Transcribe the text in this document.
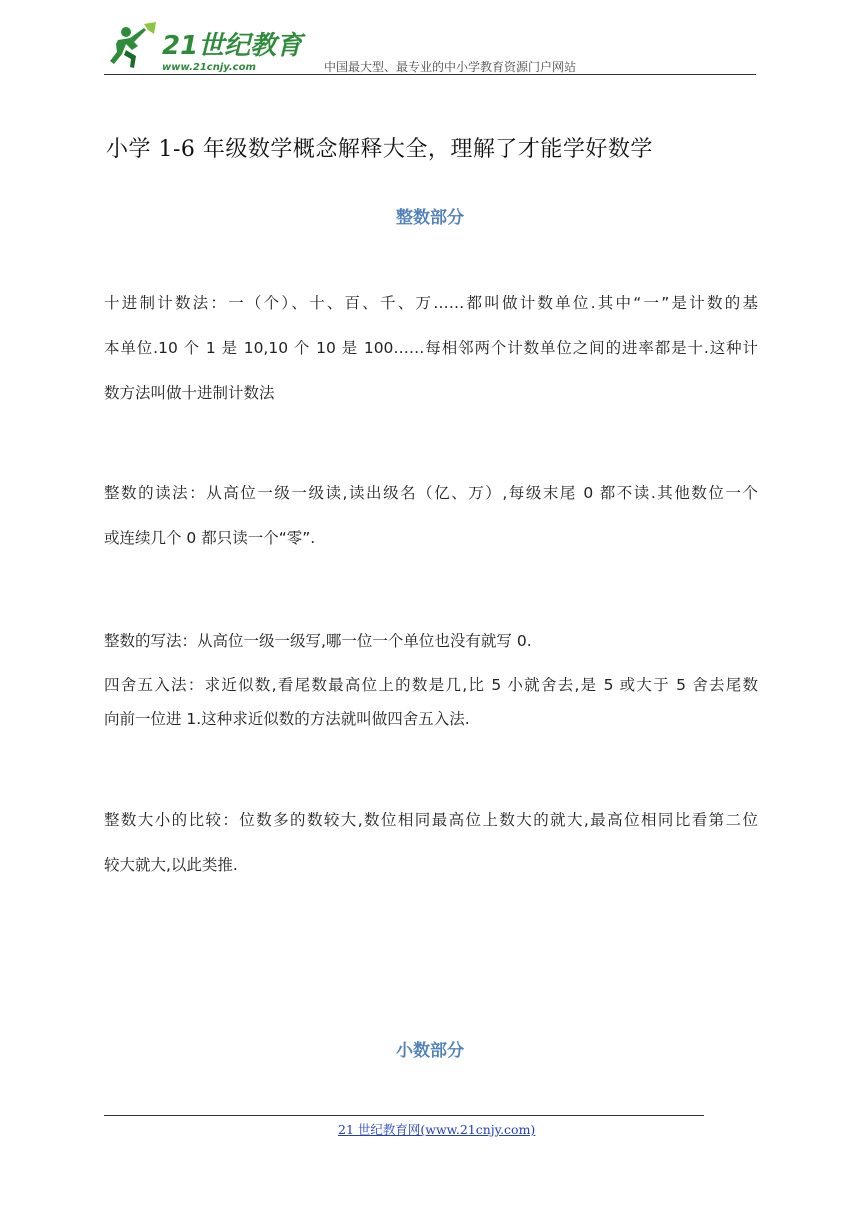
21世纪教育
www.21cnjy.com	中国最大型、最专业的中小学教育资源门户网站
小学 1-6 年级数学概念解释大全，理解了才能学好数学
整数部分
十进制计数法：一（个）、十、百、千、万……都叫做计数单位.其中“一”是计数的基
本单位.10 个 1 是 10,10 个 10 是 100……每相邻两个计数单位之间的进率都是十.这种计
数方法叫做十进制计数法
整数的读法：从高位一级一级读,读出级名（亿、万）,每级末尾 0 都不读.其他数位一个
或连续几个 0 都只读一个“零”.
整数的写法：从高位一级一级写,哪一位一个单位也没有就写 0.
四舍五入法：求近似数,看尾数最高位上的数是几,比 5 小就舍去,是 5 或大于 5 舍去尾数
向前一位进 1.这种求近似数的方法就叫做四舍五入法.
整数大小的比较：位数多的数较大,数位相同最高位上数大的就大,最高位相同比看第二位
较大就大,以此类推.
小数部分
21 世纪教育网(www.21cnjy.com)
